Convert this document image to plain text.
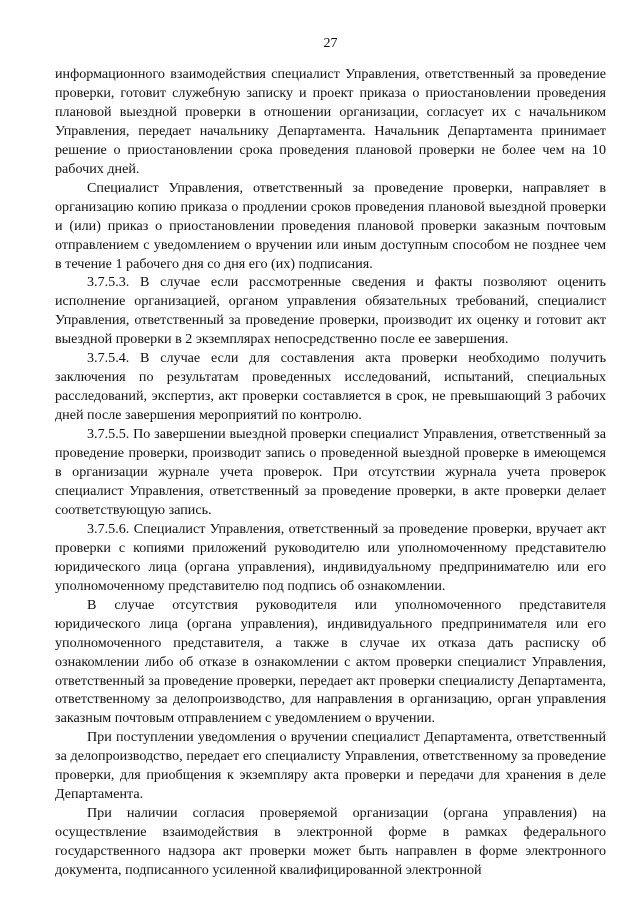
27

информационного взаимодействия специалист Управления, ответственный за проведение проверки, готовит служебную записку и проект приказа о приостановлении проведения плановой выездной проверки в отношении организации, согласует их с начальником Управления, передает начальнику Департамента. Начальник Департамента принимает решение о приостановлении срока проведения плановой проверки не более чем на 10 рабочих дней.

Специалист Управления, ответственный за проведение проверки, направляет в организацию копию приказа о продлении сроков проведения плановой выездной проверки и (или) приказ о приостановлении проведения плановой проверки заказным почтовым отправлением с уведомлением о вручении или иным доступным способом не позднее чем в течение 1 рабочего дня со дня его (их) подписания.

3.7.5.3. В случае если рассмотренные сведения и факты позволяют оценить исполнение организацией, органом управления обязательных требований, специалист Управления, ответственный за проведение проверки, производит их оценку и готовит акт выездной проверки в 2 экземплярах непосредственно после ее завершения.

3.7.5.4. В случае если для составления акта проверки необходимо получить заключения по результатам проведенных исследований, испытаний, специальных расследований, экспертиз, акт проверки составляется в срок, не превышающий 3 рабочих дней после завершения мероприятий по контролю.

3.7.5.5. По завершении выездной проверки специалист Управления, ответственный за проведение проверки, производит запись о проведенной выездной проверке в имеющемся в организации журнале учета проверок. При отсутствии журнала учета проверок специалист Управления, ответственный за проведение проверки, в акте проверки делает соответствующую запись.

3.7.5.6. Специалист Управления, ответственный за проведение проверки, вручает акт проверки с копиями приложений руководителю или уполномоченному представителю юридического лица (органа управления), индивидуальному предпринимателю или его уполномоченному представителю под подпись об ознакомлении.

В случае отсутствия руководителя или уполномоченного представителя юридического лица (органа управления), индивидуального предпринимателя или его уполномоченного представителя, а также в случае их отказа дать расписку об ознакомлении либо об отказе в ознакомлении с актом проверки специалист Управления, ответственный за проведение проверки, передает акт проверки специалисту Департамента, ответственному за делопроизводство, для направления в организацию, орган управления заказным почтовым отправлением с уведомлением о вручении.

При поступлении уведомления о вручении специалист Департамента, ответственный за делопроизводство, передает его специалисту Управления, ответственному за проведение проверки, для приобщения к экземпляру акта проверки и передачи для хранения в деле Департамента.

При наличии согласия проверяемой организации (органа управления) на осуществление взаимодействия в электронной форме в рамках федерального государственного надзора акт проверки может быть направлен в форме электронного документа, подписанного усиленной квалифицированной электронной
